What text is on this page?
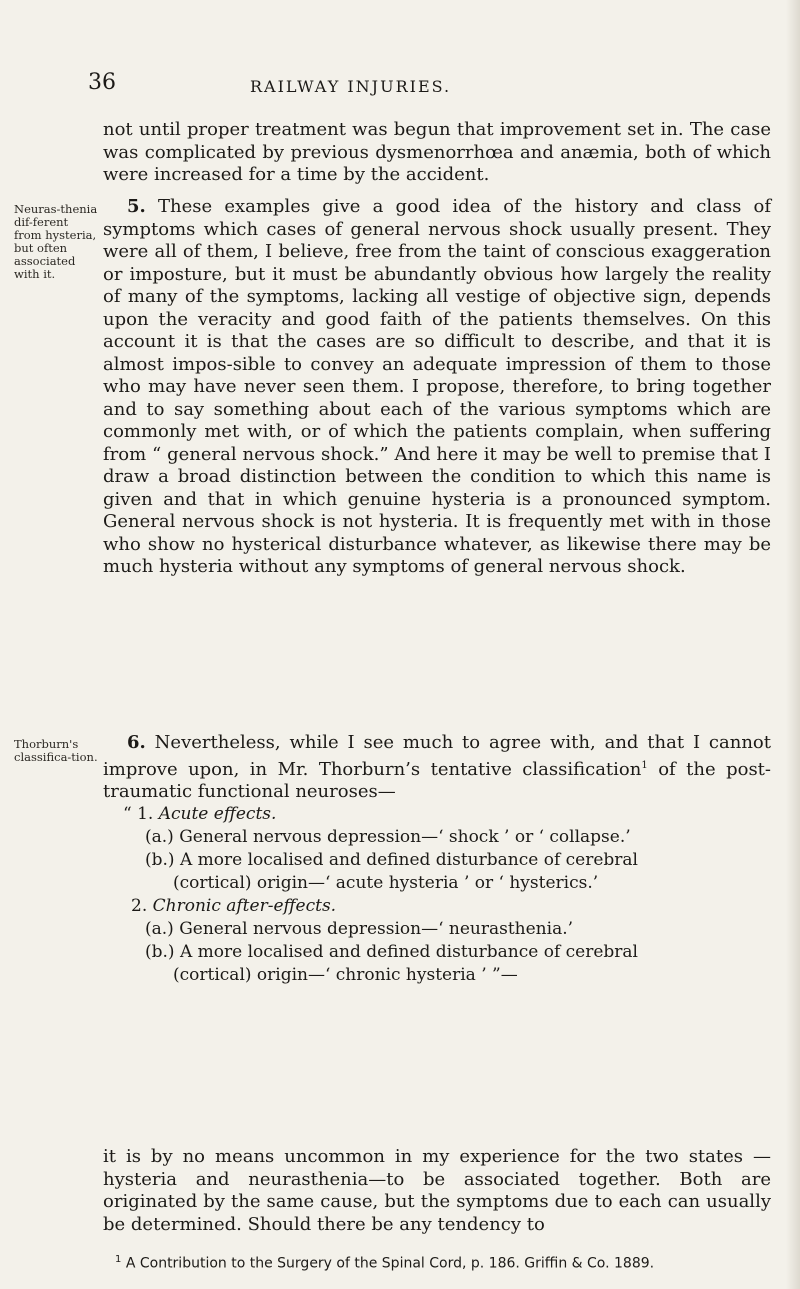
36	RAILWAY INJURIES.

not until proper treatment was begun that improvement set in. The case was complicated by previous dysmenorrhœa and anæmia, both of which were increased for a time by the accident.

Neuras-thenia dif-ferent from hysteria, but often associated with it.

5. These examples give a good idea of the history and class of symptoms which cases of general nervous shock usually present. They were all of them, I believe, free from the taint of conscious exaggeration or imposture, but it must be abundantly obvious how largely the reality of many of the symptoms, lacking all vestige of objective sign, depends upon the veracity and good faith of the patients themselves. On this account it is that the cases are so difficult to describe, and that it is almost impos-sible to convey an adequate impression of them to those who may have never seen them. I propose, therefore, to bring together and to say something about each of the various symptoms which are commonly met with, or of which the patients complain, when suffering from “ general nervous shock.” And here it may be well to premise that I draw a broad distinction between the condition to which this name is given and that in which genuine hysteria is a pronounced symptom. General nervous shock is not hysteria. It is frequently met with in those who show no hysterical disturbance whatever, as likewise there may be much hysteria without any symptoms of general nervous shock.

Thorburn's classifica-tion.

6. Nevertheless, while I see much to agree with, and that I cannot improve upon, in Mr. Thorburn’s tentative classification$^1$ of the post-traumatic functional neuroses—

“ 1. Acute effects.
(a.) General nervous depression—‘ shock ’ or ‘ collapse.’
(b.) A more localised and defined disturbance of cerebral
(cortical) origin—‘ acute hysteria ’ or ‘ hysterics.’
2. Chronic after-effects.
(a.) General nervous depression—‘ neurasthenia.’
(b.) A more localised and defined disturbance of cerebral
(cortical) origin—‘ chronic hysteria ’ ”—

it is by no means uncommon in my experience for the two states —hysteria and neurasthenia—to be associated together. Both are originated by the same cause, but the symptoms due to each can usually be determined. Should there be any tendency to

$^1$ A Contribution to the Surgery of the Spinal Cord, p. 186. Griffin & Co. 1889.
